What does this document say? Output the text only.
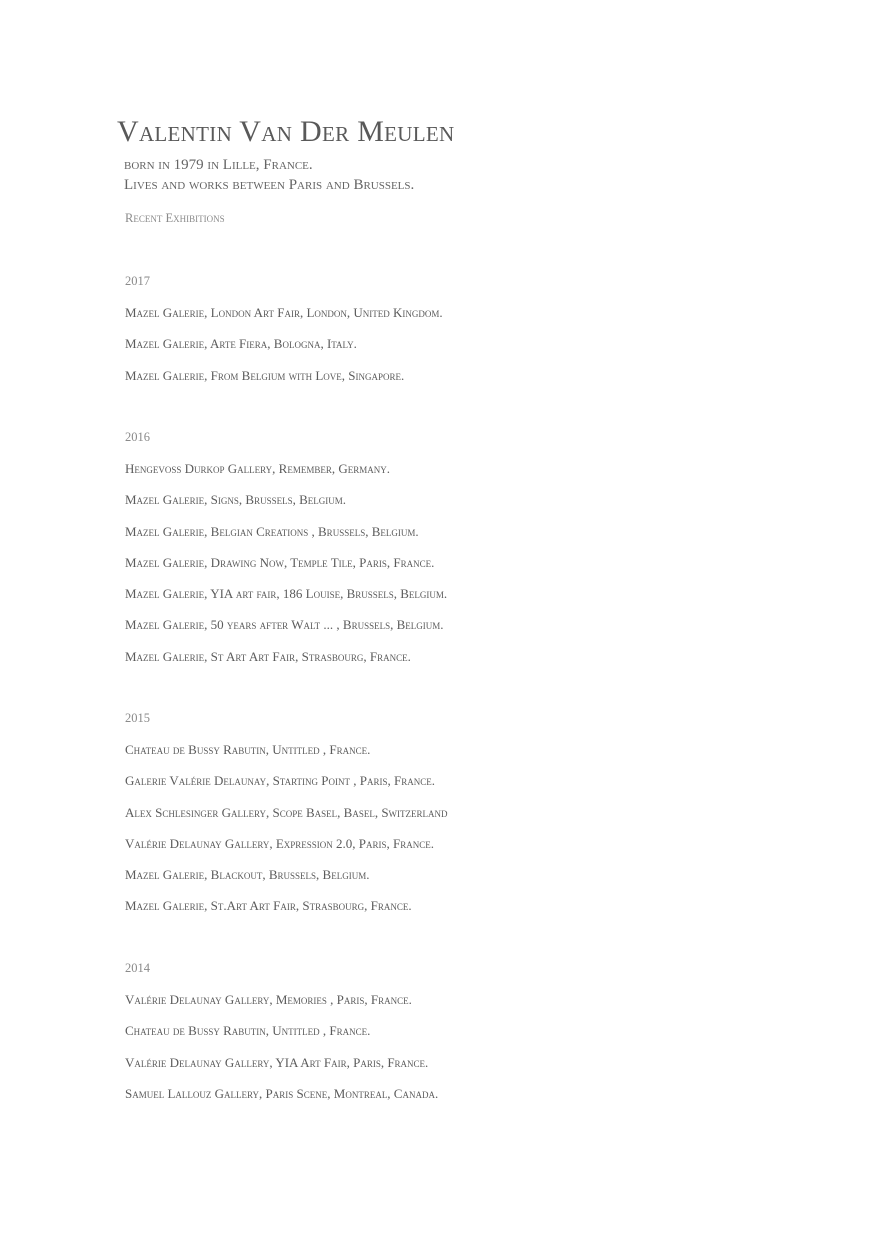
Valentin Van Der Meulen

born in 1979 in Lille, France.
Lives and works between Paris and Brussels.

Recent Exhibitions

2017

Mazel Galerie, London Art Fair, London, United Kingdom.
Mazel Galerie, Arte Fiera, Bologna, Italy.
Mazel Galerie, From Belgium with Love, Singapore.

2016

Hengevoss Durkop Gallery, Remember, Germany.
Mazel Galerie, Signs, Brussels, Belgium.
Mazel Galerie, Belgian Creations , Brussels, Belgium.
Mazel Galerie, Drawing Now, Temple Tile, Paris, France.
Mazel Galerie, YIA art fair, 186 Louise, Brussels, Belgium.
Mazel Galerie, 50 years after Walt ... , Brussels, Belgium.
Mazel Galerie, St Art Art Fair, Strasbourg, France.

2015

Chateau de Bussy Rabutin, Untitled , France.
Galerie Valérie Delaunay, Starting Point , Paris, France.
Alex Schlesinger Gallery, Scope Basel, Basel, Switzerland
Valérie Delaunay Gallery, Expression 2.0, Paris, France.
Mazel Galerie, Blackout, Brussels, Belgium.
Mazel Galerie, St.Art Art Fair, Strasbourg, France.

2014

Valérie Delaunay Gallery, Memories , Paris, France.
Chateau de Bussy Rabutin, Untitled , France.
Valérie Delaunay Gallery, YIA Art Fair, Paris, France.
Samuel Lallouz Gallery, Paris Scene, Montreal, Canada.
